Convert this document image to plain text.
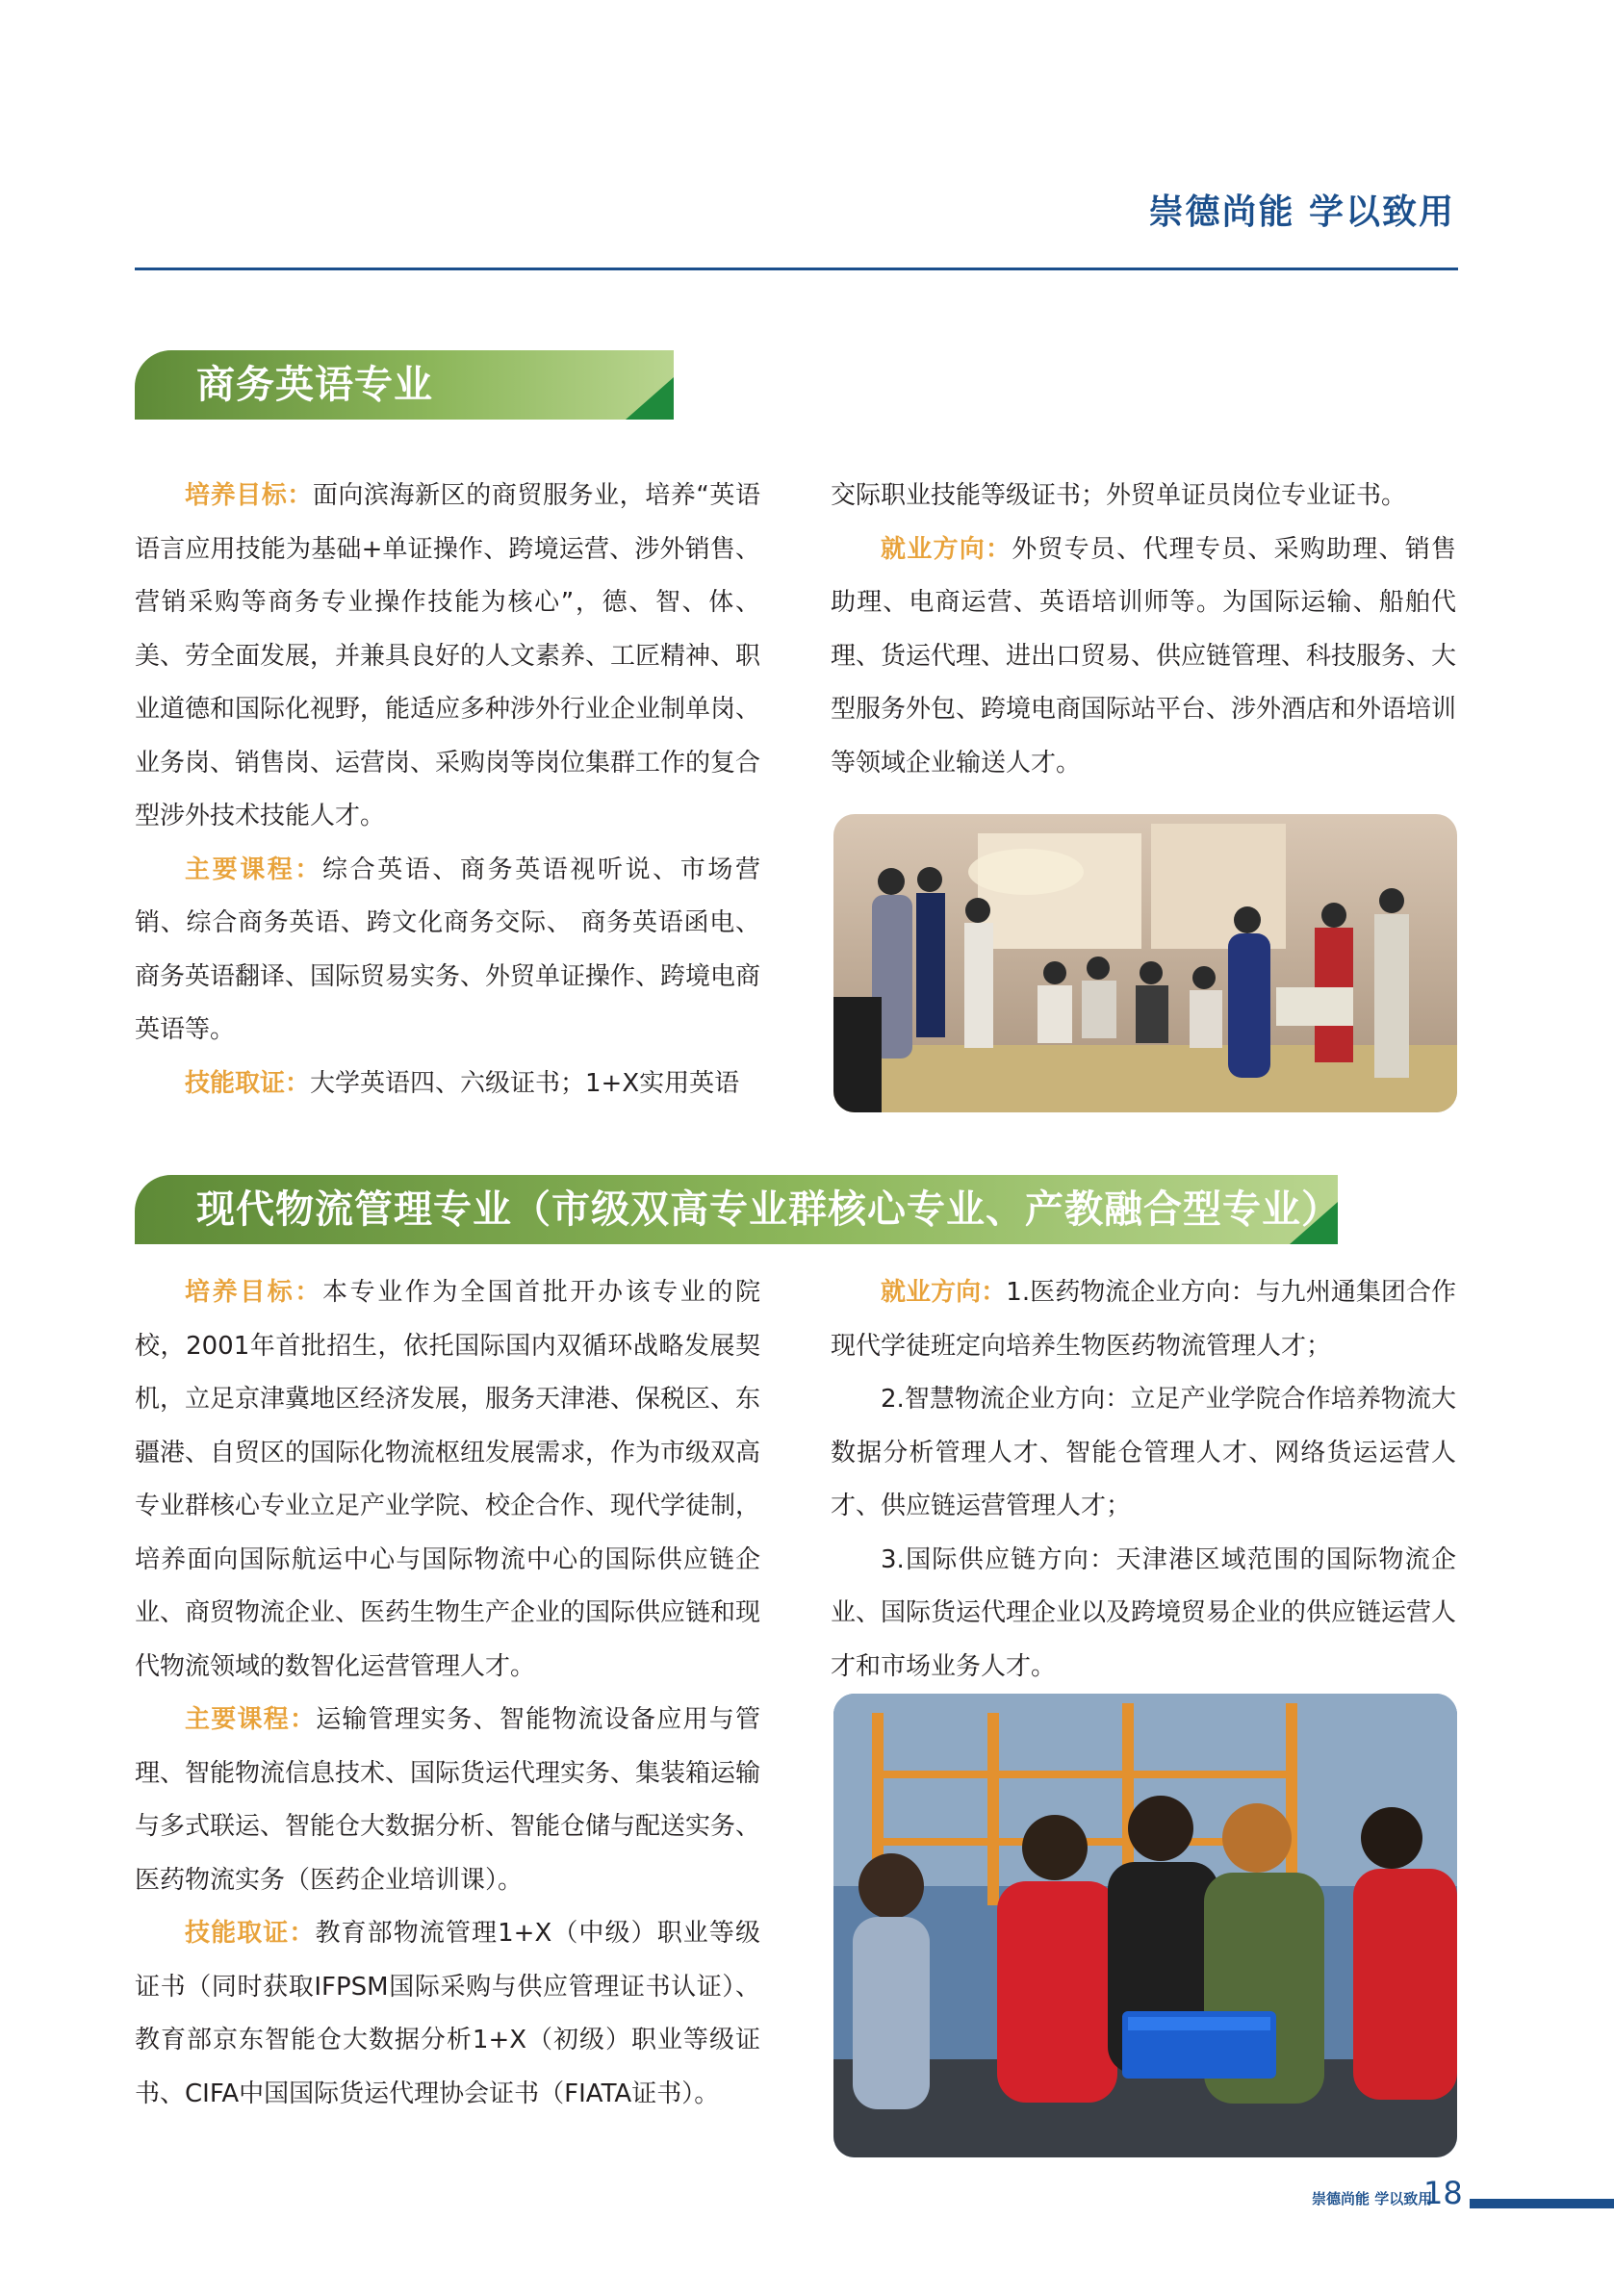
崇德尚能 学以致用
商务英语专业

培养目标：面向滨海新区的商贸服务业，培养“英语语言应用技能为基础+单证操作、跨境运营、涉外销售、营销采购等商务专业操作技能为核心”，德、智、体、美、劳全面发展，并兼具良好的人文素养、工匠精神、职业道德和国际化视野，能适应多种涉外行业企业制单岗、业务岗、销售岗、运营岗、采购岗等岗位集群工作的复合型涉外技术技能人才。

主要课程：综合英语、商务英语视听说、市场营销、综合商务英语、跨文化商务交际、 商务英语函电、商务英语翻译、国际贸易实务、外贸单证操作、跨境电商英语等。

技能取证：大学英语四、六级证书；1+X实用英语

交际职业技能等级证书；外贸单证员岗位专业证书。

就业方向：外贸专员、代理专员、采购助理、销售助理、电商运营、英语培训师等。为国际运输、船舶代理、货运代理、进出口贸易、供应链管理、科技服务、大型服务外包、跨境电商国际站平台、涉外酒店和外语培训等领域企业输送人才。

现代物流管理专业（市级双高专业群核心专业、产教融合型专业）

培养目标：本专业作为全国首批开办该专业的院校，2001年首批招生，依托国际国内双循环战略发展契机，立足京津冀地区经济发展，服务天津港、保税区、东疆港、自贸区的国际化物流枢纽发展需求，作为市级双高专业群核心专业立足产业学院、校企合作、现代学徒制，培养面向国际航运中心与国际物流中心的国际供应链企业、商贸物流企业、医药生物生产企业的国际供应链和现代物流领域的数智化运营管理人才。

主要课程：运输管理实务、智能物流设备应用与管理、智能物流信息技术、国际货运代理实务、集装箱运输与多式联运、智能仓大数据分析、智能仓储与配送实务、医药物流实务（医药企业培训课）。

技能取证：教育部物流管理1+X（中级）职业等级证书（同时获取IFPSM国际采购与供应管理证书认证）、教育部京东智能仓大数据分析1+X（初级）职业等级证书、CIFA中国国际货运代理协会证书（FIATA证书）。

就业方向：1.医药物流企业方向：与九州通集团合作现代学徒班定向培养生物医药物流管理人才；

2.智慧物流企业方向：立足产业学院合作培养物流大数据分析管理人才、智能仓管理人才、网络货运运营人才、供应链运营管理人才；

3.国际供应链方向：天津港区域范围的国际物流企业、国际货运代理企业以及跨境贸易企业的供应链运营人才和市场业务人才。

崇德尚能 学以致用
18
